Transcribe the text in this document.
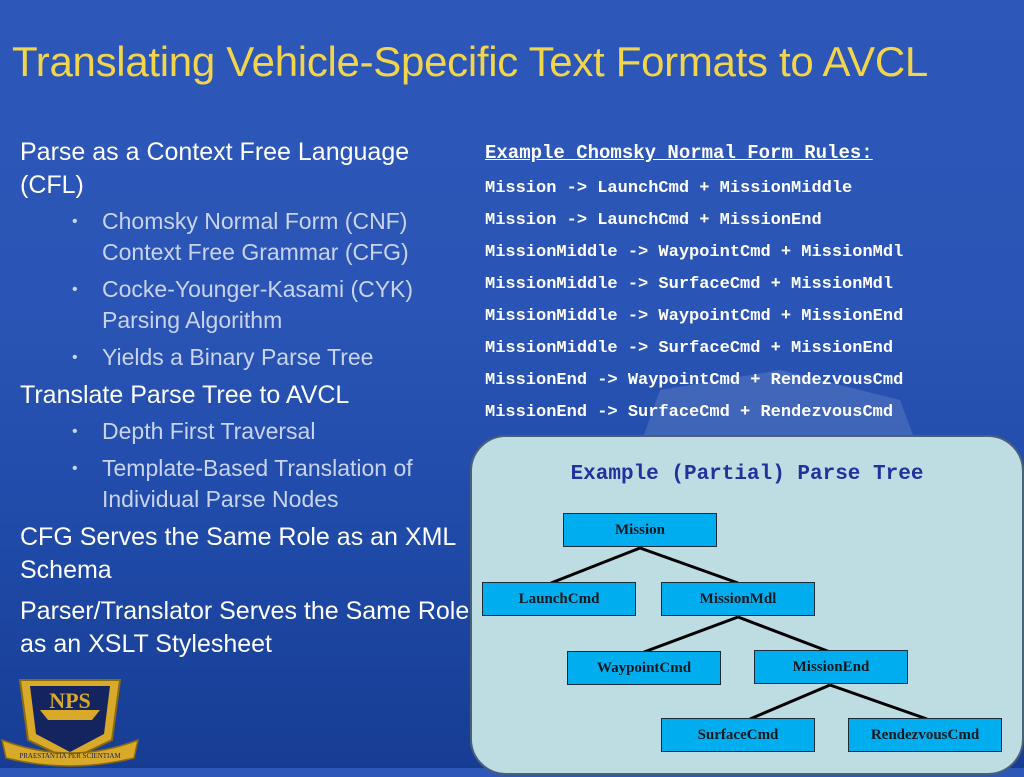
Translating Vehicle-Specific Text Formats to AVCL
Parse as a Context Free Language (CFL)
• Chomsky Normal Form (CNF) Context Free Grammar (CFG)
• Cocke-Younger-Kasami (CYK) Parsing Algorithm
• Yields a Binary Parse Tree
Translate Parse Tree to AVCL
• Depth First Traversal
• Template-Based Translation of Individual Parse Nodes
CFG Serves the Same Role as an XML Schema
Parser/Translator Serves the Same Role as an XSLT Stylesheet
Example Chomsky Normal Form Rules:
Mission -> LaunchCmd + MissionMiddle
Mission -> LaunchCmd + MissionEnd
MissionMiddle -> WaypointCmd + MissionMdl
MissionMiddle -> SurfaceCmd + MissionMdl
MissionMiddle -> WaypointCmd + MissionEnd
MissionMiddle -> SurfaceCmd + MissionEnd
MissionEnd -> WaypointCmd + RendezvousCmd
MissionEnd -> SurfaceCmd + RendezvousCmd
Example (Partial) Parse Tree
Mission
LaunchCmd	MissionMdl
WaypointCmd	MissionEnd
SurfaceCmd	RendezvousCmd
NPS
PRAESTANTIA PER SCIENTIAM
